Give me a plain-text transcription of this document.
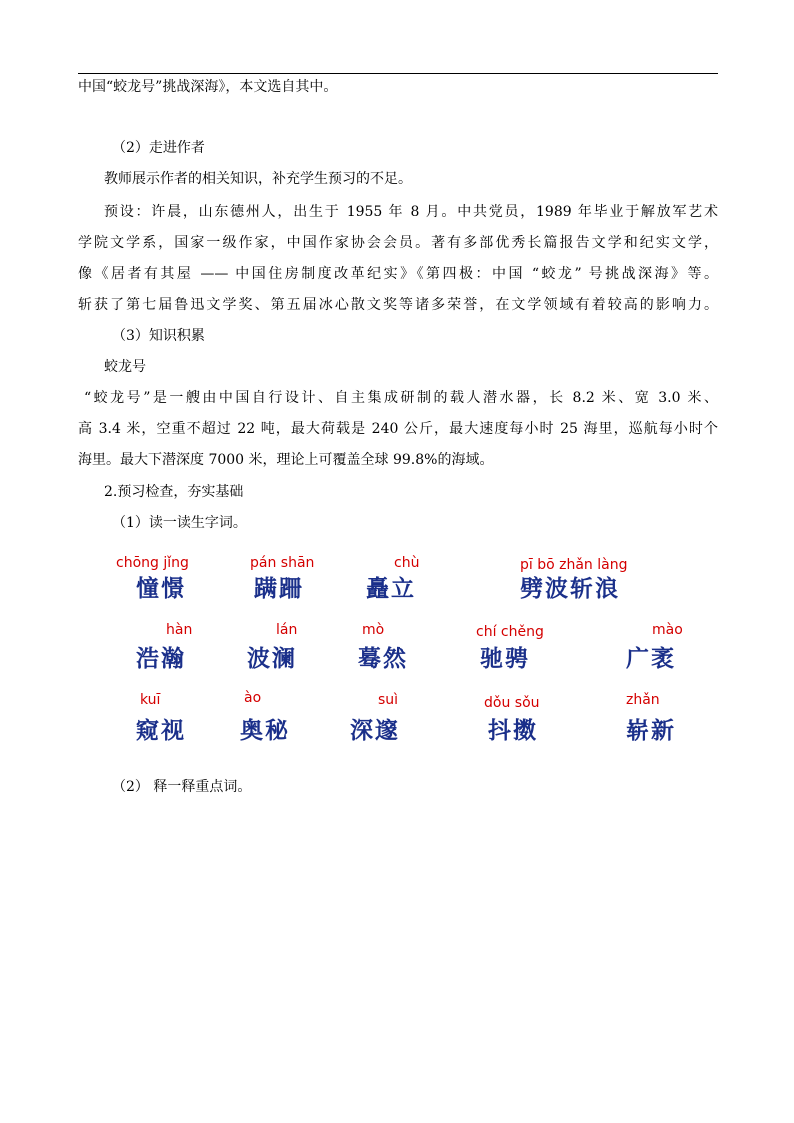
中国“蛟龙号”挑战深海》，本文选自其中。
（2）走进作者
教师展示作者的相关知识，补充学生预习的不足。
预设：许晨，山东德州人，出生于 1955 年 8 月。中共党员，1989 年毕业于解放军艺术
学院文学系，国家一级作家，中国作家协会会员。著有多部优秀长篇报告文学和纪实文学，
像《居者有其屋 —— 中国住房制度改革纪实》《第四极：中国 “蛟龙” 号挑战深海》等。
斩获了第七届鲁迅文学奖、第五届冰心散文奖等诸多荣誉，在文学领域有着较高的影响力。
（3）知识积累
蛟龙号
“蛟龙号”是一艘由中国自行设计、自主集成研制的载人潜水器，长 8.2 米、宽 3.0 米、
高 3.4 米，空重不超过 22 吨，最大荷载是 240 公斤，最大速度每小时 25 海里，巡航每小时个
海里。最大下潜深度 7000 米，理论上可覆盖全球 99.8%的海域。
2.预习检查，夯实基础
（1）读一读生字词。
chōng jǐng
憧憬
pán shān
蹒跚
chù
矗立
pī bō zhǎn làng
劈波斩浪
hàn
浩瀚
lán
波澜
mò
蓦然
chí chěng
驰骋
mào
广袤
kuī
窥视
ào
奥秘
suì
深邃
dǒu sǒu
抖擞
zhǎn
崭新
（2） 释一释重点词。
